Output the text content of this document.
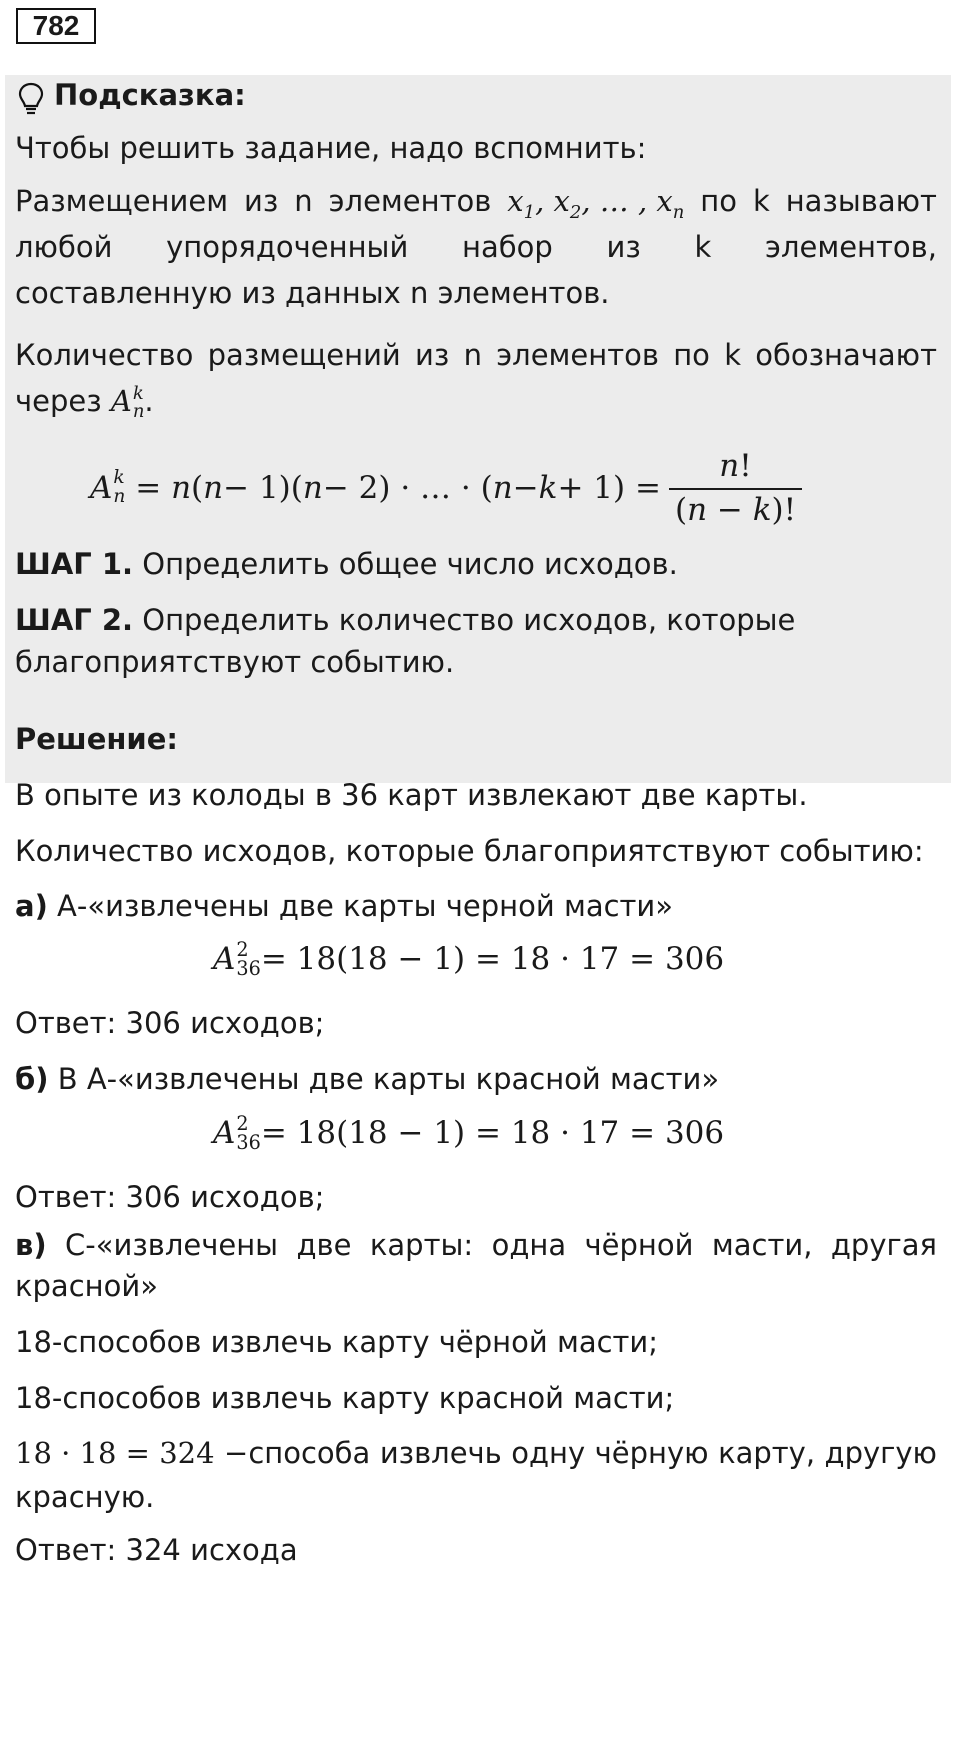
782
Подсказка:
Чтобы решить задание, надо вспомнить:
Размещением из n элементов $x_1$, $x_2$, … , $x_n$ по k называют
любой упорядоченный набор из k элементов,
составленную из данных n элементов.
Количество размещений из n элементов по k обозначают
через A k
n .
A k
n = n ( n − 1)( n − 2) · … · ( $n - k + 1) = \frac{n!}{(n - k)!}$
ШАГ 1. Определить общее число исходов.
ШАГ 2. Определить количество исходов, которые
благоприятствуют событию.
Решение:
В опыте из колоды в 36 карт извлекают две карты.
Количество исходов, которые благоприятствуют событию:
а) А-«извлечены две карты черной масти»
A 2
36 = 18(18 − 1) = 18 · 17 = 306
Ответ: 306 исходов;
б) В А-«извлечены две карты красной масти»
A 2
36 = 18(18 − 1) = 18 · 17 = 306
Ответ: 306 исходов;
в) С-«извлечены две карты: одна чёрной масти, другая
красной»
18-способов извлечь карту чёрной масти;
18-способов извлечь карту красной масти;
18 · 18 = 324 −способа извлечь одну чёрную карту, другую
красную.
Ответ: 324 исхода
